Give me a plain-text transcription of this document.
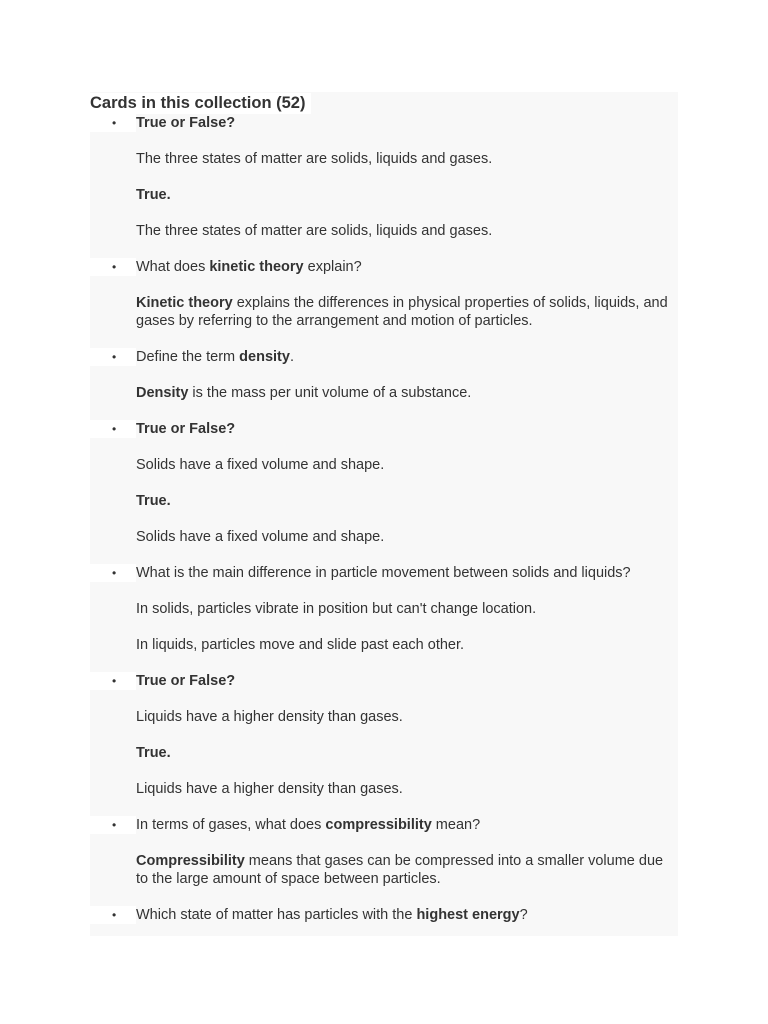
Cards in this collection (52)

• True or False?

The three states of matter are solids, liquids and gases.

True.

The three states of matter are solids, liquids and gases.

• What does kinetic theory explain?

Kinetic theory explains the differences in physical properties of solids, liquids, and gases by referring to the arrangement and motion of particles.

• Define the term density.

Density is the mass per unit volume of a substance.

• True or False?

Solids have a fixed volume and shape.

True.

Solids have a fixed volume and shape.

• What is the main difference in particle movement between solids and liquids?

In solids, particles vibrate in position but can't change location.

In liquids, particles move and slide past each other.

• True or False?

Liquids have a higher density than gases.

True.

Liquids have a higher density than gases.

• In terms of gases, what does compressibility mean?

Compressibility means that gases can be compressed into a smaller volume due to the large amount of space between particles.

• Which state of matter has particles with the highest energy?
